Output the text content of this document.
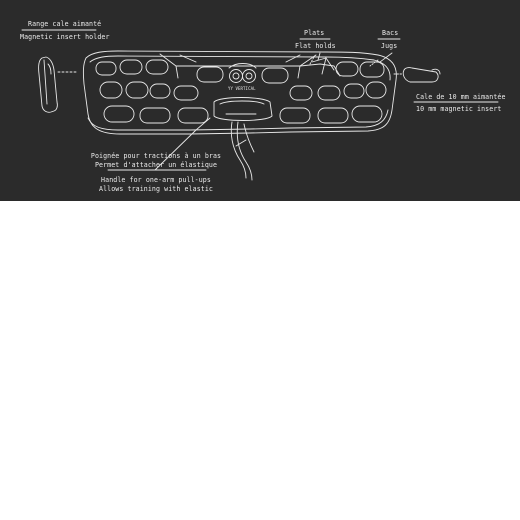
Range cale aimanté
Magnetic insert holder	Plats
Flat holds
Bacs
Jugs
Cale de 10 mm aimantée
10 mm magnetic insert
Poignée pour tractions à un bras
Permet d'attacher un élastique
Handle for one-arm pull-ups
Allows training with elastic
YY VERTICAL
